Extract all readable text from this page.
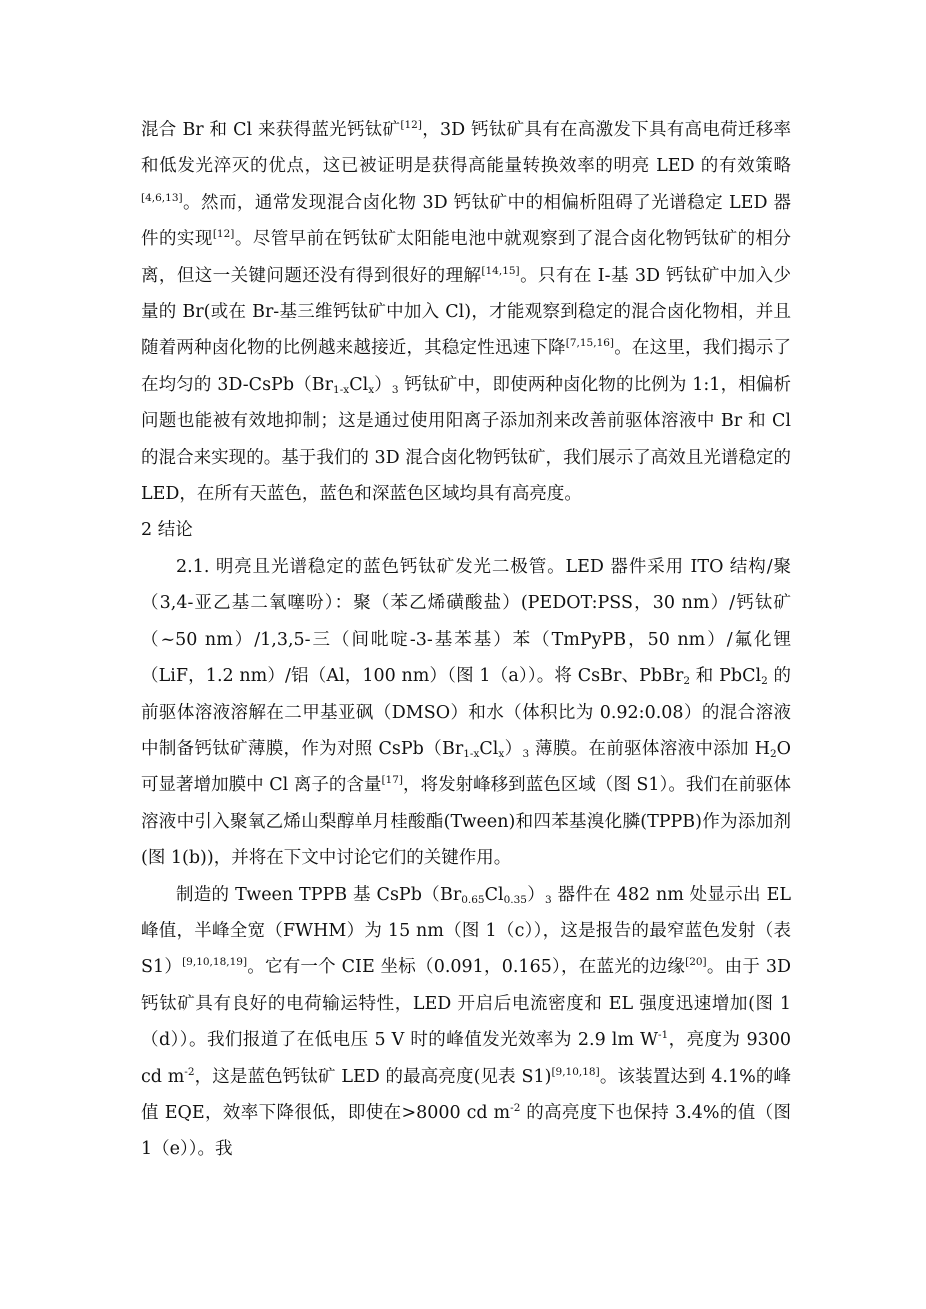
混合 Br 和 Cl 来获得蓝光钙钛矿[12]，3D 钙钛矿具有在高激发下具有高电荷迁移率和低发光淬灭的优点，这已被证明是获得高能量转换效率的明亮 LED 的有效策略[4,6,13]。然而，通常发现混合卤化物 3D 钙钛矿中的相偏析阻碍了光谱稳定 LED 器件的实现[12]。尽管早前在钙钛矿太阳能电池中就观察到了混合卤化物钙钛矿的相分离，但这一关键问题还没有得到很好的理解[14,15]。只有在 I-基 3D 钙钛矿中加入少量的 Br(或在 Br-基三维钙钛矿中加入 Cl)，才能观察到稳定的混合卤化物相，并且随着两种卤化物的比例越来越接近，其稳定性迅速下降[7,15,16]。在这里，我们揭示了在均匀的 $3D-CsPb(Br_{1-x}Cl_x)_3$ 钙钛矿中，即使两种卤化物的比例为 1:1，相偏析问题也能被有效地抑制；这是通过使用阳离子添加剂来改善前驱体溶液中 Br 和 Cl 的混合来实现的。基于我们的 3D 混合卤化物钙钛矿，我们展示了高效且光谱稳定的 LED，在所有天蓝色，蓝色和深蓝色区域均具有高亮度。

2 结论

2.1. 明亮且光谱稳定的蓝色钙钛矿发光二极管。LED 器件采用 ITO 结构/聚（3,4-亚乙基二氧噻吩）：聚（苯乙烯磺酸盐）(PEDOT:PSS，30 nm）/钙钛矿（~50 nm）/1,3,5-三（间吡啶-3-基苯基）苯（TmPyPB，50 nm）/氟化锂（LiF，1.2 nm）/铝（Al，100 nm）（图 1（a））。将 CsBr、PbBr$_2$ 和 PbCl$_2$ 的前驱体溶液溶解在二甲基亚砜（DMSO）和水（体积比为 0.92:0.08）的混合溶液中制备钙钛矿薄膜，作为对照 $CsPb(Br_{1-x}Cl_x)_3$ 薄膜。在前驱体溶液中添加 $H_2O$ 可显著增加膜中 Cl 离子的含量[17]，将发射峰移到蓝色区域（图 S1）。我们在前驱体溶液中引入聚氧乙烯山梨醇单月桂酸酯(Tween)和四苯基溴化膦(TPPB)作为添加剂(图 1(b))，并将在下文中讨论它们的关键作用。

制造的 Tween TPPB 基 $CsPb(Br_{0.65}Cl_{0.35})_3$ 器件在 482 nm 处显示出 EL 峰值，半峰全宽（FWHM）为 15 nm（图 1（c）），这是报告的最窄蓝色发射（表 S1）[9,10,18,19]。它有一个 CIE 坐标（0.091，0.165），在蓝光的边缘[20]。由于 3D 钙钛矿具有良好的电荷输运特性，LED 开启后电流密度和 EL 强度迅速增加(图 1（d））。我们报道了在低电压 5 V 时的峰值发光效率为 2.9 lm $W^{-1}$，亮度为 9300 cd $m^{-2}$，这是蓝色钙钛矿 LED 的最高亮度(见表 S1)[9,10,18]。该装置达到 4.1%的峰值 EQE，效率下降很低，即使在>8000 cd $m^{-2}$ 的高亮度下也保持 3.4%的值（图 1（e））。我
